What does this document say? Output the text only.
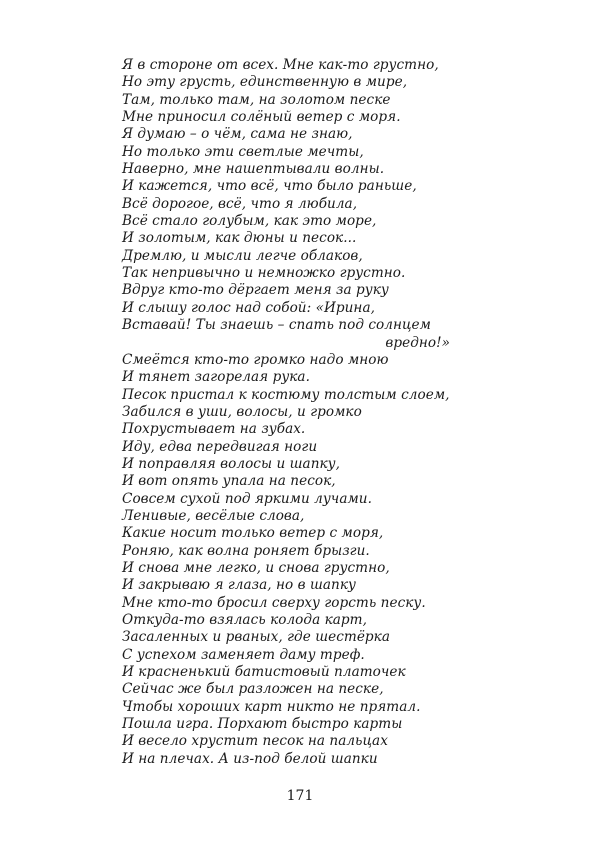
Я в стороне от всех. Мне как-то грустно,
Но эту грусть, единственную в мире,
Там, только там, на золотом песке
Мне приносил солёный ветер с моря.
Я думаю – о чём, сама не знаю,
Но только эти светлые мечты,
Наверно, мне нашептывали волны.
И кажется, что всё, что было раньше,
Всё дорогое, всё, что я любила,
Всё стало голубым, как это море,
И золотым, как дюны и песок...
Дремлю, и мысли легче облаков,
Так непривычно и немножко грустно.
Вдруг кто-то дёргает меня за руку
И слышу голос над собой: «Ирина,
Вставай! Ты знаешь – спать под солнцем
вредно!»
Смеётся кто-то громко надо мною
И тянет загорелая рука.
Песок пристал к костюму толстым слоем,
Забился в уши, волосы, и громко
Похрустывает на зубах.
Иду, едва передвигая ноги
И поправляя волосы и шапку,
И вот опять упала на песок,
Совсем сухой под яркими лучами.
Ленивые, весёлые слова,
Какие носит только ветер с моря,
Роняю, как волна роняет брызги.
И снова мне легко, и снова грустно,
И закрываю я глаза, но в шапку
Мне кто-то бросил сверху горсть песку.
Откуда-то взялась колода карт,
Засаленных и рваных, где шестёрка
С успехом заменяет даму треф.
И красненький батистовый платочек
Сейчас же был разложен на песке,
Чтобы хороших карт никто не прятал.
Пошла игра. Порхают быстро карты
И весело хрустит песок на пальцах
И на плечах. А из-под белой шапки
171
